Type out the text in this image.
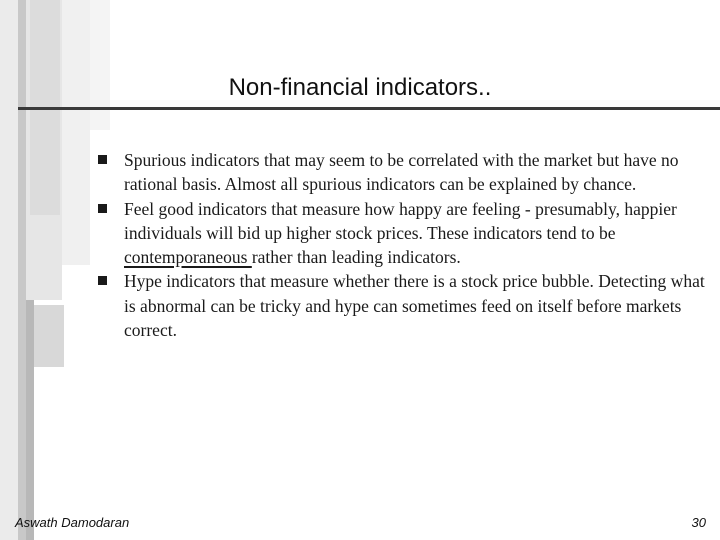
Non-financial indicators..
Spurious indicators that may seem to be correlated with the market but have no rational basis. Almost all spurious indicators can be explained by chance.
Feel good indicators that measure how happy are feeling - presumably, happier individuals will bid up higher stock prices. These indicators tend to be contemporaneous rather than leading indicators.
Hype indicators that measure whether there is a stock price bubble. Detecting what is abnormal can be tricky and hype can sometimes feed on itself before markets correct.
Aswath Damodaran	30
